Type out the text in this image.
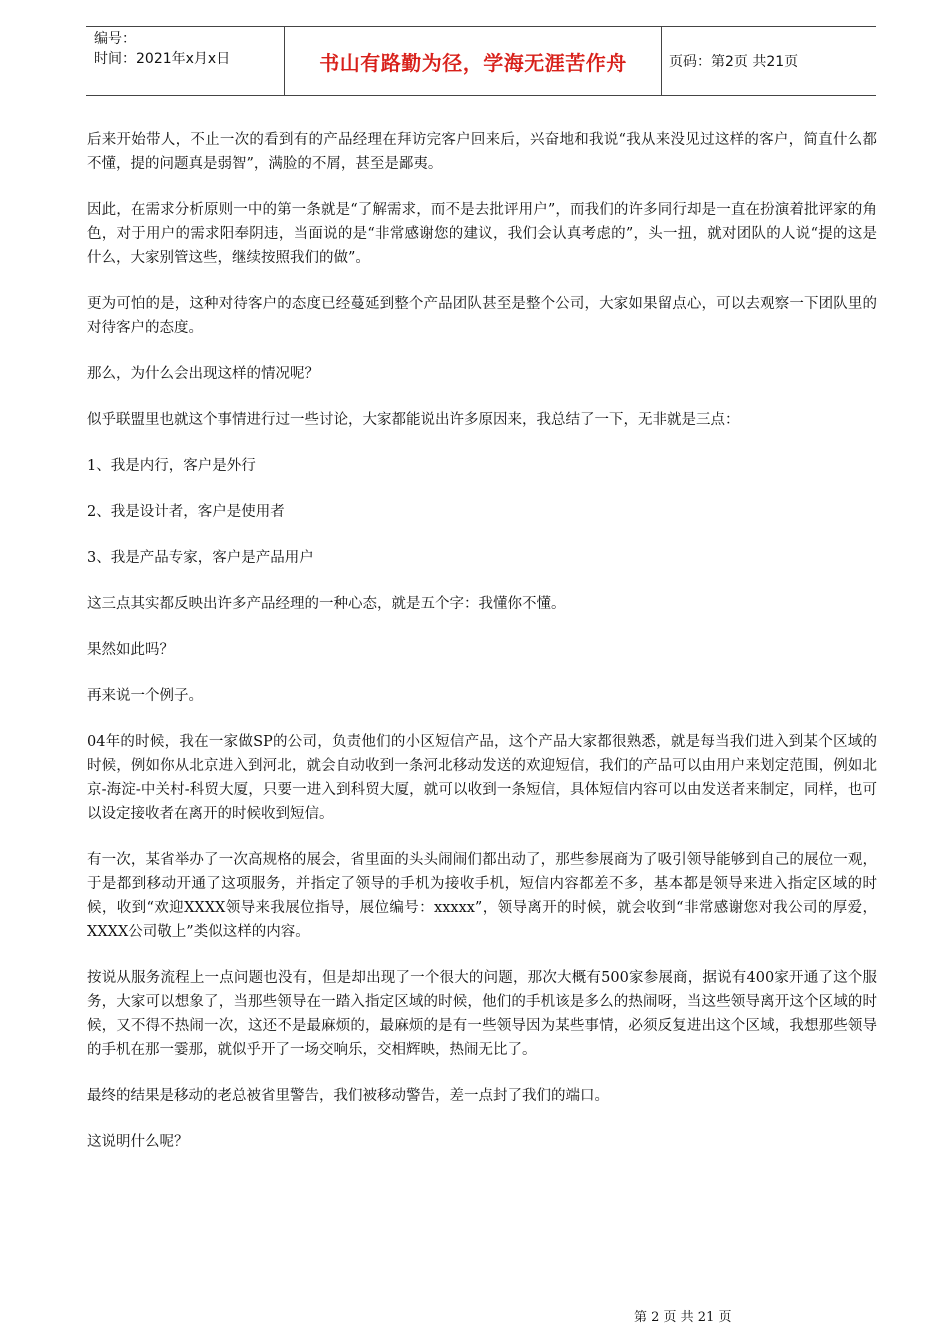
编号：
时间：2021年x月x日	书山有路勤为径，学海无涯苦作舟	页码：第2页 共21页

后来开始带人，不止一次的看到有的产品经理在拜访完客户回来后，兴奋地和我说“我从来没见过这样的客户，简直什么都不懂，提的问题真是弱智”，满脸的不屑，甚至是鄙夷。

因此，在需求分析原则一中的第一条就是“了解需求，而不是去批评用户”，而我们的许多同行却是一直在扮演着批评家的角色，对于用户的需求阳奉阴违，当面说的是“非常感谢您的建议，我们会认真考虑的”，头一扭，就对团队的人说“提的这是什么，大家别管这些，继续按照我们的做”。

更为可怕的是，这种对待客户的态度已经蔓延到整个产品团队甚至是整个公司，大家如果留点心，可以去观察一下团队里的对待客户的态度。

那么，为什么会出现这样的情况呢？

似乎联盟里也就这个事情进行过一些讨论，大家都能说出许多原因来，我总结了一下，无非就是三点：

1、我是内行，客户是外行

2、我是设计者，客户是使用者

3、我是产品专家，客户是产品用户

这三点其实都反映出许多产品经理的一种心态，就是五个字：我懂你不懂。

果然如此吗？

再来说一个例子。

04年的时候，我在一家做SP的公司，负责他们的小区短信产品，这个产品大家都很熟悉，就是每当我们进入到某个区域的时候，例如你从北京进入到河北，就会自动收到一条河北移动发送的欢迎短信，我们的产品可以由用户来划定范围，例如北京-海淀-中关村-科贸大厦，只要一进入到科贸大厦，就可以收到一条短信，具体短信内容可以由发送者来制定，同样，也可以设定接收者在离开的时候收到短信。

有一次，某省举办了一次高规格的展会，省里面的头头闹闹们都出动了，那些参展商为了吸引领导能够到自己的展位一观，于是都到移动开通了这项服务，并指定了领导的手机为接收手机，短信内容都差不多，基本都是领导来进入指定区域的时候，收到“欢迎XXXX领导来我展位指导，展位编号：xxxxx”，领导离开的时候，就会收到“非常感谢您对我公司的厚爱，XXXX公司敬上”类似这样的内容。

按说从服务流程上一点问题也没有，但是却出现了一个很大的问题，那次大概有500家参展商，据说有400家开通了这个服务，大家可以想象了，当那些领导在一踏入指定区域的时候，他们的手机该是多么的热闹呀，当这些领导离开这个区域的时候，又不得不热闹一次，这还不是最麻烦的，最麻烦的是有一些领导因为某些事情，必须反复进出这个区域，我想那些领导的手机在那一霎那，就似乎开了一场交响乐，交相辉映，热闹无比了。

最终的结果是移动的老总被省里警告，我们被移动警告，差一点封了我们的端口。

这说明什么呢？

第 2 页 共 21 页
